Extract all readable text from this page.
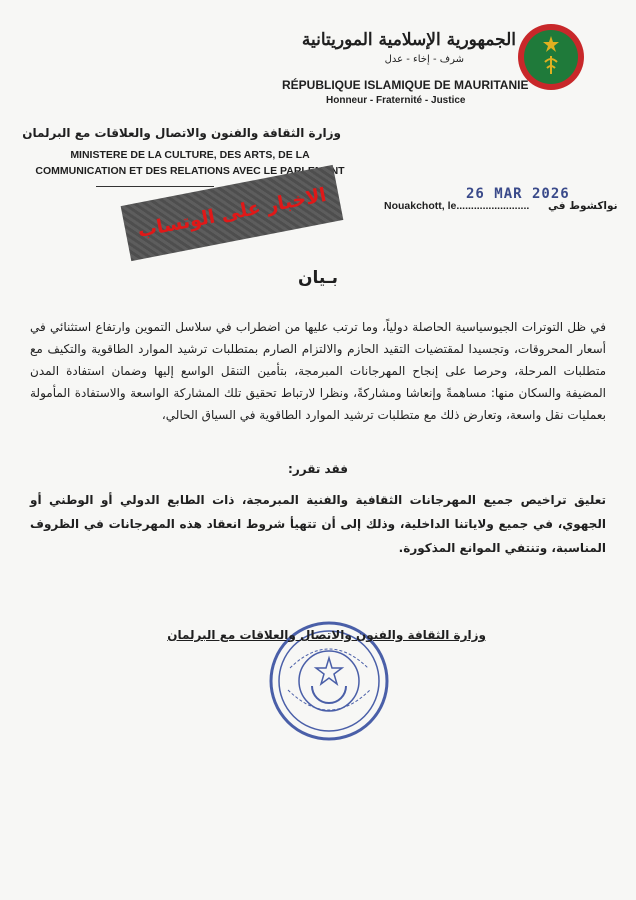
الجمهورية الإسلامية الموريتانية
شرف - إخاء - عدل
RÉPUBLIQUE ISLAMIQUE DE MAURITANIE
Honneur - Fraternité - Justice
وزارة الثقافة والفنون والاتصال والعلاقات مع البرلمان
MINISTERE DE LA CULTURE, DES ARTS, DE LA COMMUNICATION ET DES RELATIONS AVEC LE PARLEMENT
الاخبار على الوتساب	Nouakchott, le.........................
26 MAR 2026
نواكشوط في
بـيان
في ظل التوترات الجيوسياسية الحاصلة دولياً، وما ترتب عليها من اضطراب في سلاسل التموين وارتفاع استثنائي في أسعار المحروقات، وتجسيدا لمقتضيات التقيد الحازم والالتزام الصارم بمتطلبات ترشيد الموارد الطاقوية والتكيف مع متطلبات المرحلة، وحرصا على إنجاح المهرجانات المبرمجة، بتأمين التنقل الواسع إليها وضمان استفادة المدن المضيفة والسكان منها: مساهمةً وإنعاشا ومشاركةً، ونظرا لارتباط تحقيق تلك المشاركة الواسعة والاستفادة المأمولة بعمليات نقل واسعة، وتعارض ذلك مع متطلبات ترشيد الموارد الطاقوية في السياق الحالي،
فقد تقرر:
تعليق تراخيص جميع المهرجانات الثقافية والفنية المبرمجة، ذات الطابع الدولي أو الوطني أو الجهوي، في جميع ولاياتنا الداخلية، وذلك إلى أن تتهيأ شروط انعقاد هذه المهرجانات في الظروف المناسبة، وتنتفي الموانع المذكورة.
وزارة الثقافة والفنون والاتصال والعلاقات مع البرلمان
